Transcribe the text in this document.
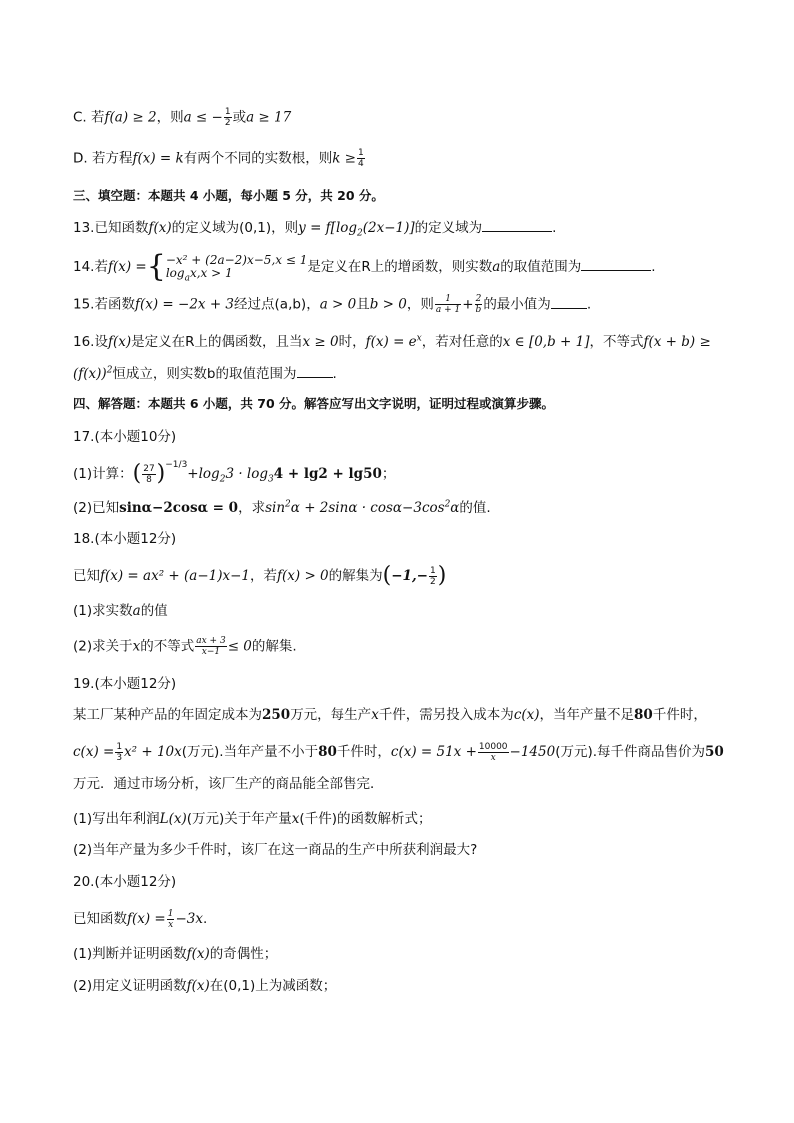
C. 若f(a) ≥ 2，则a ≤ − $\frac{1}{2}$ 或a ≥ 17
D. 若方程f(x) = k有两个不同的实数根，则$k \ge \frac{1}{4}$
三、填空题：本题共 4 小题，每小题 5 分，共 20 分。
13.已知函数f(x)的定义域为(0,1)，则$y = f[\log_2(2x-1)]$的定义域为	.
14.若f(x) ={ −x² + (2a−2)x−5,x ≤ 1
$\log_ax,x > 1$	是定义在R上的增函数，则实数a的取值范围为	.
15.若函数f(x) = −2x + 3经过点(a,b)，a > 0且b > 0，则 $\frac{1}{a + 1} + \frac{2}{b}$ 的最小值为	.
16.设f(x)是定义在R上的偶函数，且当x ≥ 0时，$f(x) = e^x$，若对任意的x ∈ [0,b + 1]，不等式f(x + b) ≥
$(f(x))^2$恒成立，则实数b的取值范围为	.
四、解答题：本题共 6 小题，共 70 分。解答应写出文字说明，证明过程或演算步骤。
17.(本小题10分)
(1)计算：( $\frac{27}{8} )^{-1/3}+\log_23 \cdot \log_34 + \lg 2 + \lg 50$；
(2)已知sinα−2cosα = 0，求$\sin^2\alpha + 2\sin\alpha \cdot \cos\alpha-3\cos^2\alpha$的值.
18.(本小题12分)
已知f(x) = ax² + (a−1)x−1，若f(x) > 0的解集为($-1,- \frac{1}{2}$ )
(1)求实数a的值
(2)求关于x的不等式 $\frac{ax + 3}{x-1} \le 0$的解集.
19.(本小题12分)
某工厂某种产品的年固定成本为250万元，每生产x千件，需另投入成本为c(x)，当年产量不足80千件时，
$c(x) = \frac{1}{3} x^2 + 10x$(万元).当年产量不小于80千件时，$c(x) = 51x + \frac{10000}{x} -1450$(万元).每千件商品售价为50
万元．通过市场分析，该厂生产的商品能全部售完．
(1)写出年利润L(x)(万元)关于年产量x(千件)的函数解析式；
(2)当年产量为多少千件时，该厂在这一商品的生产中所获利润最大?
20.(本小题12分)
已知函数$f(x) = \frac{1}{x} -3x$.
(1)判断并证明函数f(x)的奇偶性；
(2)用定义证明函数f(x)在(0,1)上为减函数；
